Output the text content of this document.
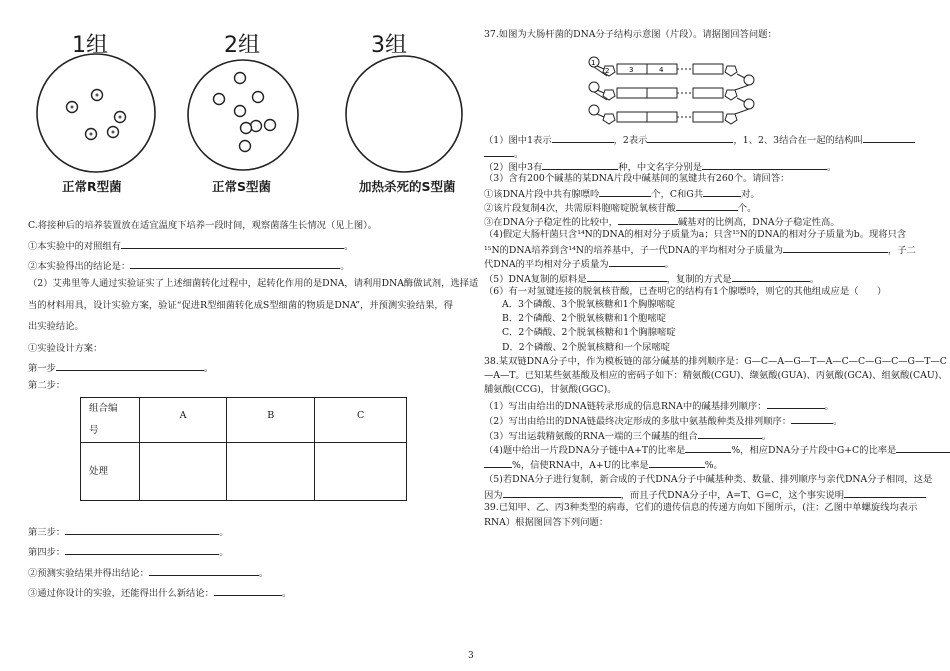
1组	2组	3组
正常R型菌	正常S型菌	加热杀死的S型菌
C.将接种后的培养装置放在适宜温度下培养一段时间，观察菌落生长情况（见上图）。
①本实验中的对照组有	。
②本实验得出的结论是：	。
（2）艾弗里等人通过实验证实了上述细菌转化过程中，起转化作用的是DNA，请利用DNA酶做试剂，选择适
当的材料用具，设计实验方案，验证“促进R型细菌转化成S型细菌的物质是DNA”，并预测实验结果，得
出实验结论。
①实验设计方案：
第一步	。
第二步：
组合编
号	A	B	C
处理			
第三步：	。
第四步：	。
②预测实验结果并得出结论：	。
③通过你设计的实验，还能得出什么新结论：	。
37.如图为大肠杆菌的DNA分子结构示意图（片段）。请据图回答问题：
1
2	3	4
（1）图中1表示	，2表示	，1、2、3结合在一起的结构叫
。
（2）图中3有	种，中文名字分别是	。
（3）含有200个碱基的某DNA片段中碱基间的氢键共有260个。请回答：
①该DNA片段中共有腺嘌呤	个，C和G共	对。
②该片段复制4次，共需原料胞嘧啶脱氧核苷酸	个。
③在DNA分子稳定性的比较中，	碱基对的比例高，DNA分子稳定性高。
（4)假定大肠杆菌只含¹⁴N的DNA的相对分子质量为a；只含¹⁵N的DNA的相对分子质量为b。现将只含
¹⁵N的DNA培养到含¹⁴N的培养基中，子一代DNA的平均相对分子质量为	，子二
代DNA的平均相对分子质量为	。
（5）DNA复制的原料是	，复制的方式是	。
（6）有一对氢键连接的脱氧核苷酸，已查明它的结构有1个腺嘌呤，则它的其他组成应是（　　）
A．3个磷酸、3个脱氧核糖和1个胸腺嘧啶
B．2个磷酸、2个脱氧核糖和1个胞嘧啶
C．2个磷酸、2个脱氧核糖和1个胸腺嘧啶
D．2个磷酸、2个脱氧核糖和一个尿嘧啶
38.某双链DNA分子中，作为模板链的部分碱基的排列顺序是：G—C—A—G—T—A—C—C—G—C—G—T—C
—A—T。已知某些氨基酸及相应的密码子如下：精氨酸(CGU)、缬氨酸(GUA)、丙氨酸(GCA)、组氨酸(CAU)、
脯氨酸(CCG)，甘氨酸(GGC)。
（1）写出由给出的DNA链转录形成的信息RNA中的碱基排列顺序：	。
（2）写出由给出的DNA链最终决定形成的多肽中氨基酸种类及排列顺序：	。
（3）写出运载精氨酸的RNA一端的三个碱基的组合	。
（4)题中给出一片段DNA分子链中A+T的比率是	%，相应DNA分子片段中G+C的比率是
%，信使RNA中，A+U的比率是	%。
（5)若DNA分子进行复制，新合成的子代DNA分子中碱基种类、数量、排列顺序与亲代DNA分子相同，这是
因为	，而且子代DNA分子中，A=T、G=C，这个事实说明
39.已知甲、乙、丙3种类型的病毒，它们的遗传信息的传递方向如下图所示，(注：乙图中单螺旋线均表示
RNA）根据图回答下列问题：
3
